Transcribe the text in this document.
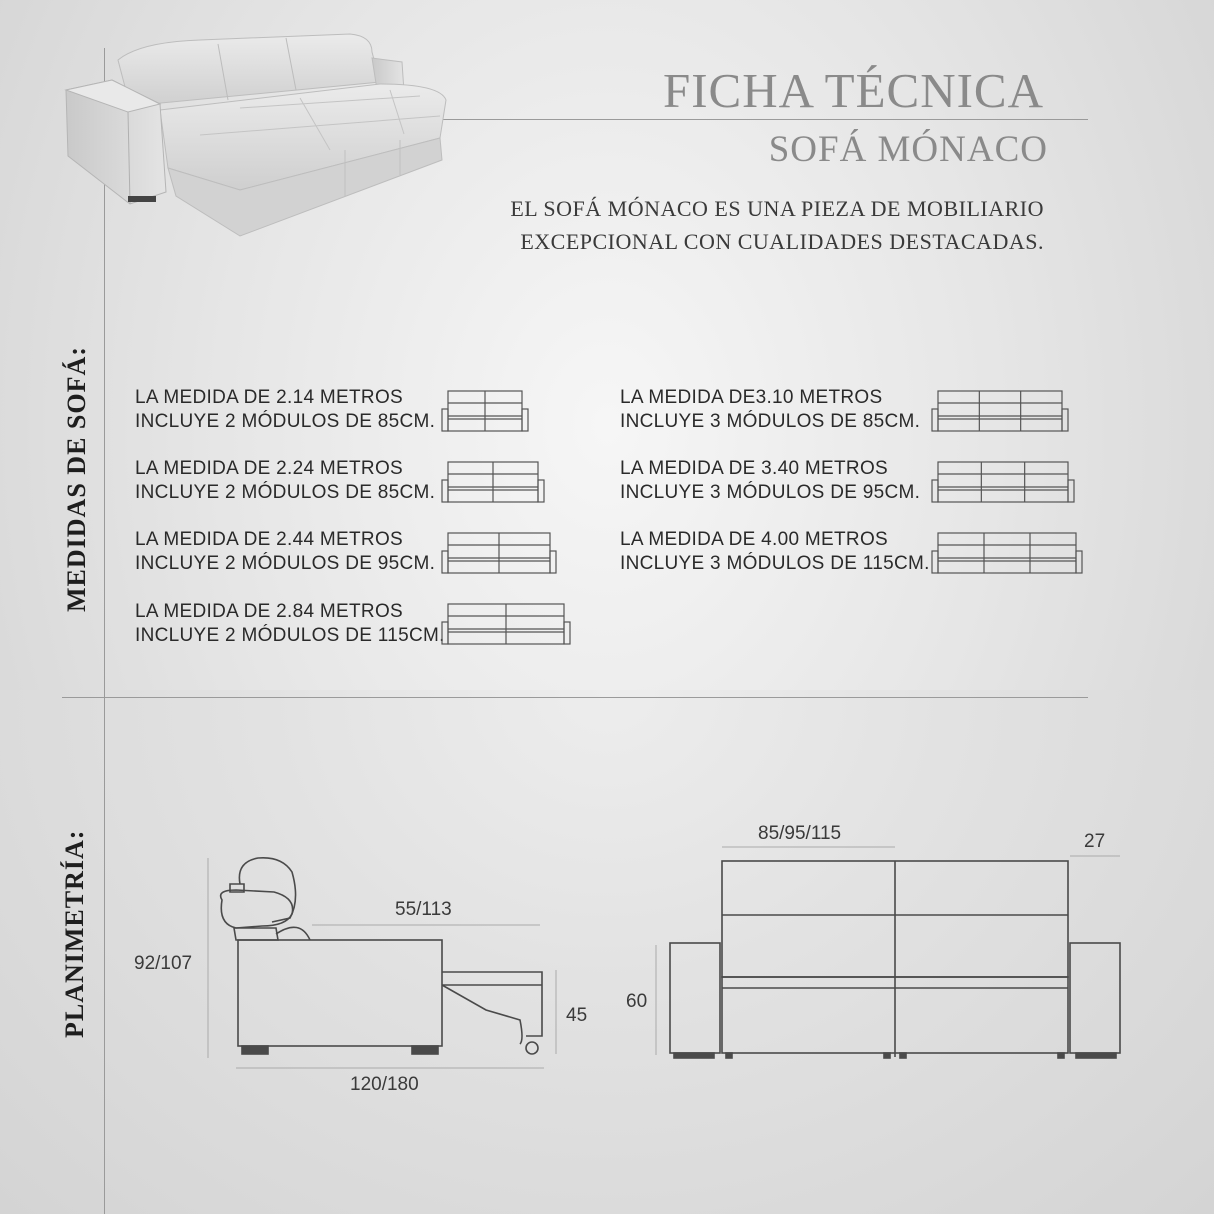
FICHA TÉCNICA
SOFÁ MÓNACO
EL SOFÁ MÓNACO ES UNA PIEZA DE MOBILIARIO
EXCEPCIONAL CON CUALIDADES DESTACADAS.
MEDIDAS DE SOFÁ:
PLANIMETRÍA:
LA MEDIDA DE 2.14 METROS
INCLUYE 2 MÓDULOS DE 85CM.
LA MEDIDA DE 2.24 METROS
INCLUYE 2 MÓDULOS DE 85CM.
LA MEDIDA DE 2.44 METROS
INCLUYE 2 MÓDULOS DE 95CM.
LA MEDIDA DE 2.84 METROS
INCLUYE 2 MÓDULOS DE 115CM.
LA MEDIDA DE3.10 METROS
INCLUYE 3 MÓDULOS DE 85CM.
LA MEDIDA DE 3.40 METROS
INCLUYE 3 MÓDULOS DE 95CM.
LA MEDIDA DE 4.00 METROS
INCLUYE 3 MÓDULOS DE 115CM.
92/107
55/113
45
120/180
85/95/115	27
60
